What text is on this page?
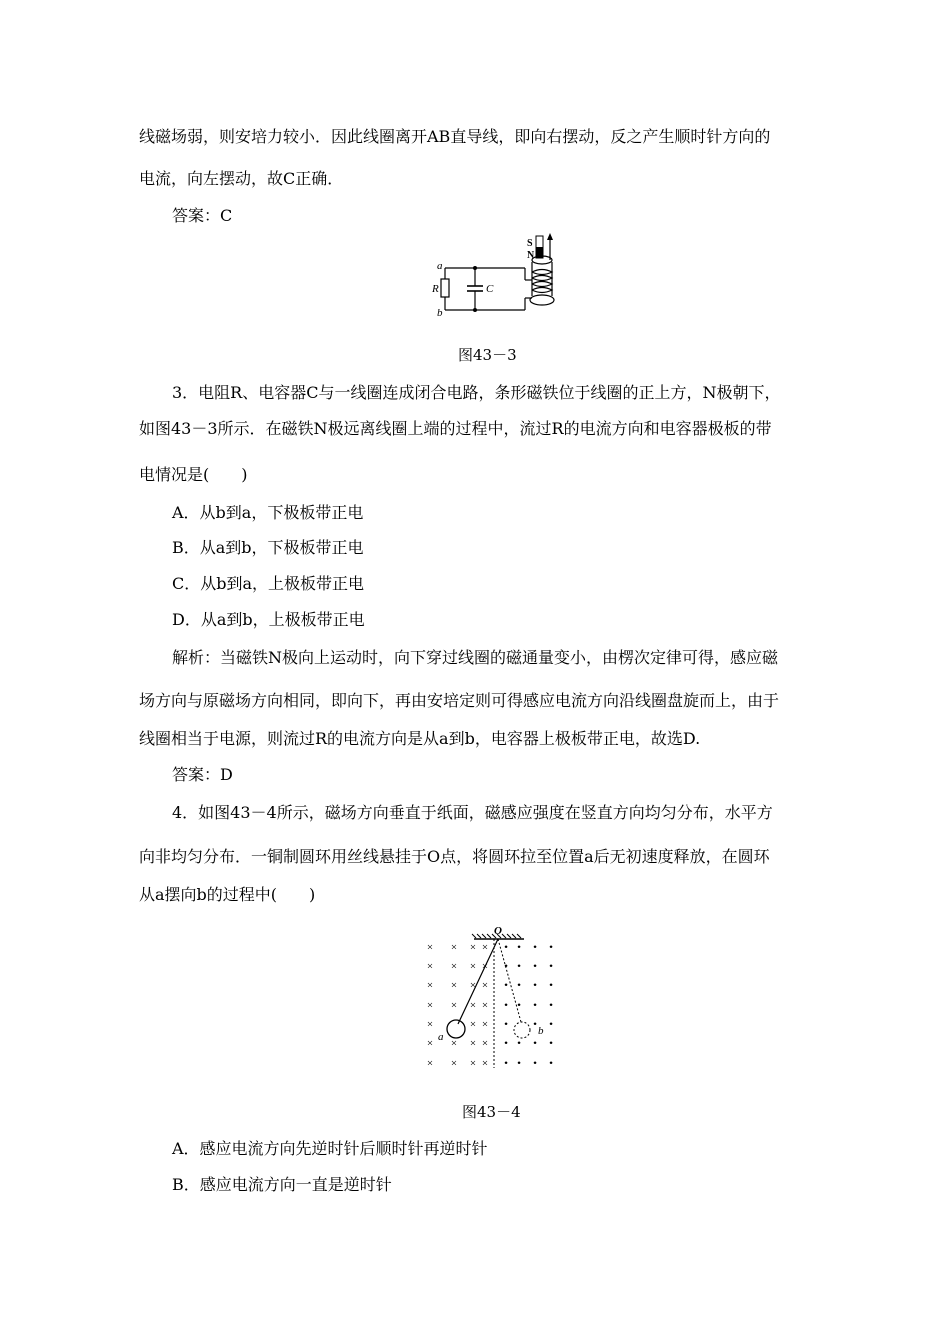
线磁场弱，则安培力较小．因此线圈离开AB直导线，即向右摆动，反之产生顺时针方向的
电流，向左摆动，故C正确．
答案：C
a
R
b
C
S
N
图43－3
3．电阻R、电容器C与一线圈连成闭合电路，条形磁铁位于线圈的正上方，N极朝下，
如图43－3所示．在磁铁N极远离线圈上端的过程中，流过R的电流方向和电容器极板的带
电情况是(　　)
A．从b到a，下极板带正电
B．从a到b，下极板带正电
C．从b到a，上极板带正电
D．从a到b，上极板带正电
解析：当磁铁N极向上运动时，向下穿过线圈的磁通量变小，由楞次定律可得，感应磁
场方向与原磁场方向相同，即向下，再由安培定则可得感应电流方向沿线圈盘旋而上，由于
线圈相当于电源，则流过R的电流方向是从a到b，电容器上极板带正电，故选D.
答案：D
4．如图43－4所示，磁场方向垂直于纸面，磁感应强度在竖直方向均匀分布，水平方
向非均匀分布．一铜制圆环用丝线悬挂于O点，将圆环拉至位置a后无初速度释放，在圆环
从a摆向b的过程中(　　)
× × × × • • • •
× × × × • • • •
× × × × • • • •
× × × × • • • •
×	× × • • •
× × × × • • • •
× × × × • • • •
O
a	b
图43－4
A．感应电流方向先逆时针后顺时针再逆时针
B．感应电流方向一直是逆时针
